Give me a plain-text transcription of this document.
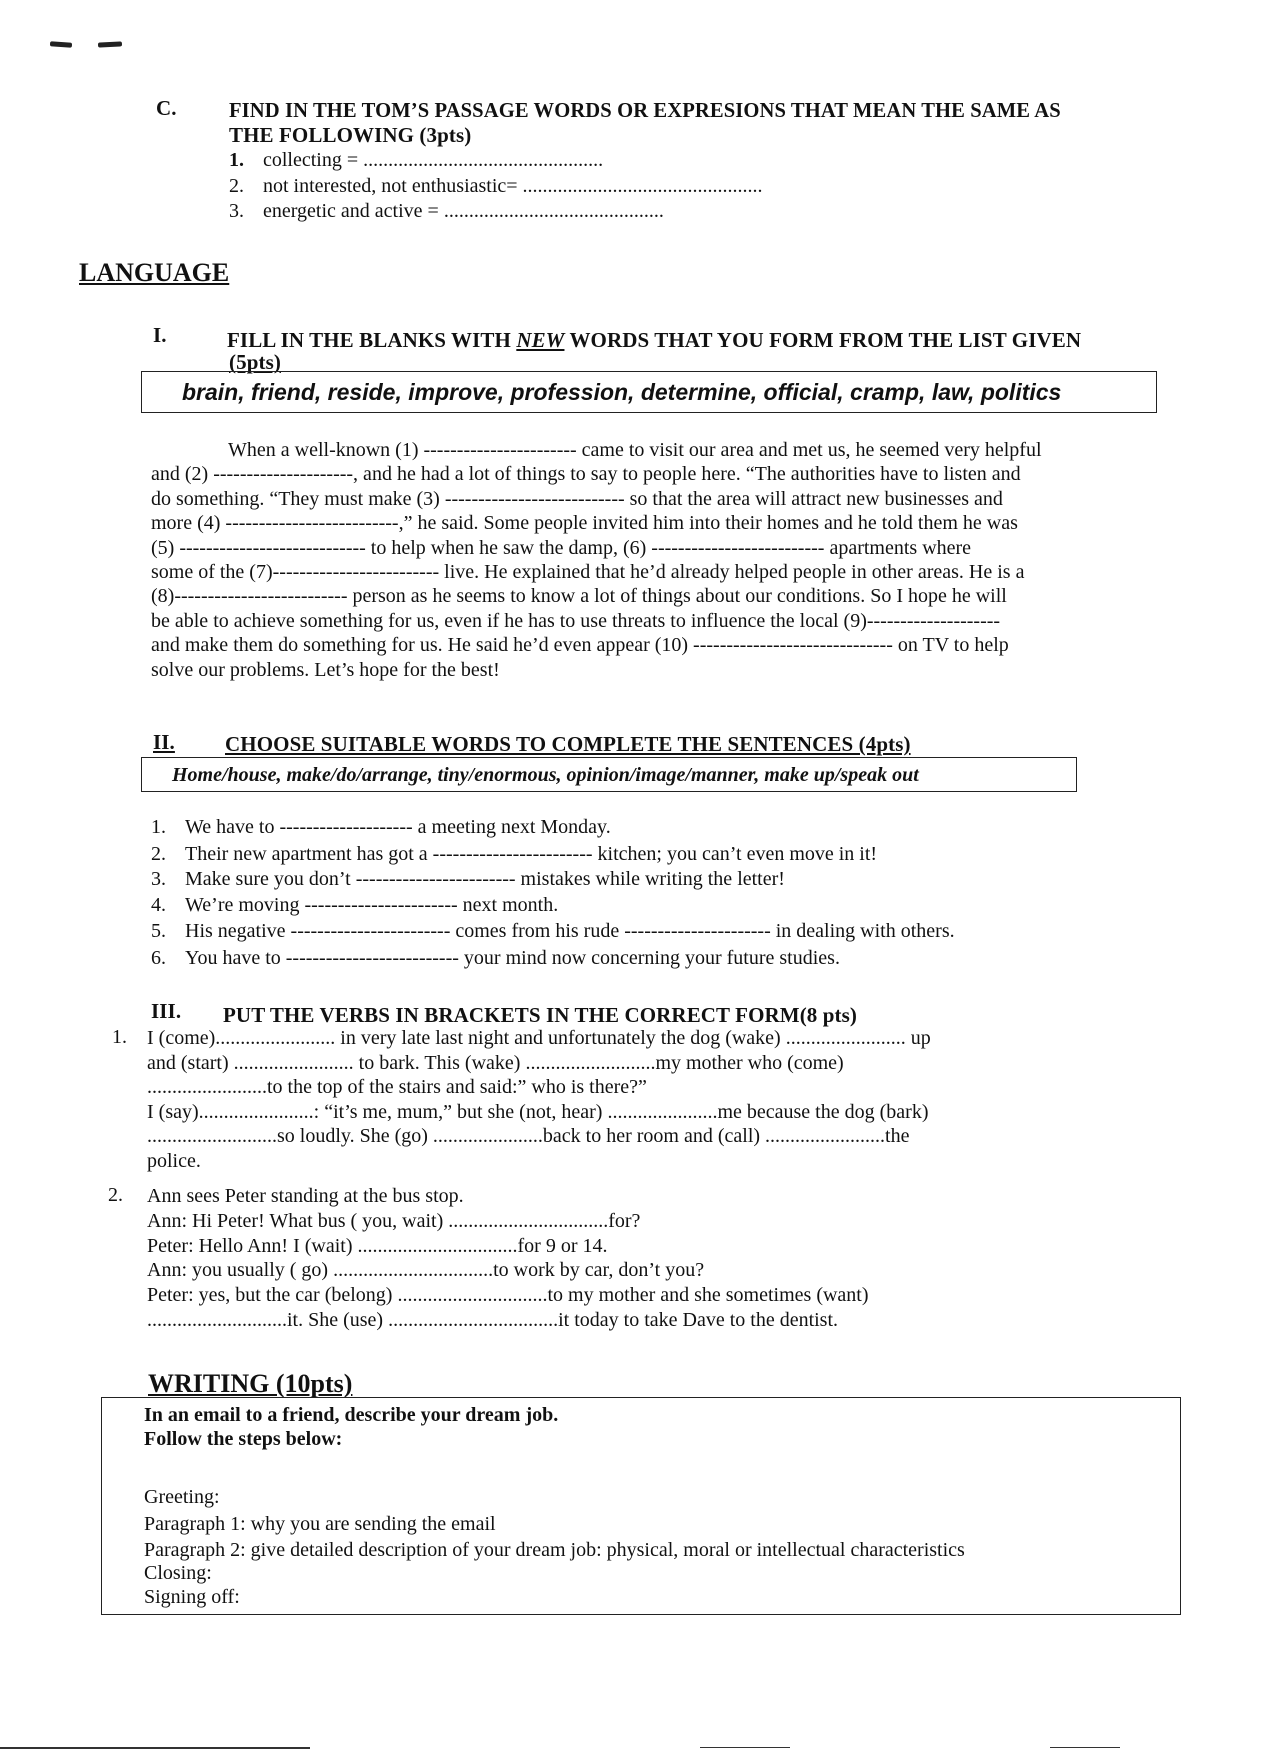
C.	FIND IN THE TOM’S PASSAGE WORDS OR EXPRESIONS THAT MEAN THE SAME AS
THE FOLLOWING (3pts)
1. collecting = ................................................
2. not interested, not enthusiastic= ................................................
3. energetic and active = ............................................
LANGUAGE
I.	FILL IN THE BLANKS WITH NEW WORDS THAT YOU FORM FROM THE LIST GIVEN
(5pts)
brain, friend, reside, improve, profession, determine, official, cramp, law, politics
When a well-known (1) ----------------------- came to visit our area and met us, he seemed very helpful
and (2) ---------------------, and he had a lot of things to say to people here. “The authorities have to listen and
do something. “They must make (3) --------------------------- so that the area will attract new businesses and
more (4) --------------------------,” he said. Some people invited him into their homes and he told them he was
(5) ---------------------------- to help when he saw the damp, (6) -------------------------- apartments where
some of the (7)------------------------- live. He explained that he’d already helped people in other areas. He is a
(8)-------------------------- person as he seems to know a lot of things about our conditions. So I hope he will
be able to achieve something for us, even if he has to use threats to influence the local (9)--------------------
and make them do something for us. He said he’d even appear (10) ------------------------------ on TV to help
solve our problems. Let’s hope for the best!
II. CHOOSE SUITABLE WORDS TO COMPLETE THE SENTENCES (4pts)
Home/house, make/do/arrange, tiny/enormous, opinion/image/manner, make up/speak out
1. We have to -------------------- a meeting next Monday.
2. Their new apartment has got a ------------------------ kitchen; you can’t even move in it!
3. Make sure you don’t ------------------------ mistakes while writing the letter!
4. We’re moving ----------------------- next month.
5. His negative ------------------------ comes from his rude ---------------------- in dealing with others.
6. You have to -------------------------- your mind now concerning your future studies.
III. PUT THE VERBS IN BRACKETS IN THE CORRECT FORM(8 pts)
1. I (come)........................ in very late last night and unfortunately the dog (wake) ........................ up
and (start) ........................ to bark. This (wake) ..........................my mother who (come)
........................to the top of the stairs and said:” who is there?”
I (say).......................: “it’s me, mum,” but she (not, hear) ......................me because the dog (bark)
..........................so loudly. She (go) ......................back to her room and (call) ........................the
police.
2. Ann sees Peter standing at the bus stop.
Ann: Hi Peter! What bus ( you, wait) ................................for?
Peter: Hello Ann! I (wait) ................................for 9 or 14.
Ann: you usually ( go) ................................to work by car, don’t you?
Peter: yes, but the car (belong) ..............................to my mother and she sometimes (want)
............................it. She (use) ..................................it today to take Dave to the dentist.
WRITING (10pts)
In an email to a friend, describe your dream job.
Follow the steps below:
Greeting:
Paragraph 1: why you are sending the email
Paragraph 2: give detailed description of your dream job: physical, moral or intellectual characteristics
Closing:
Signing off:
